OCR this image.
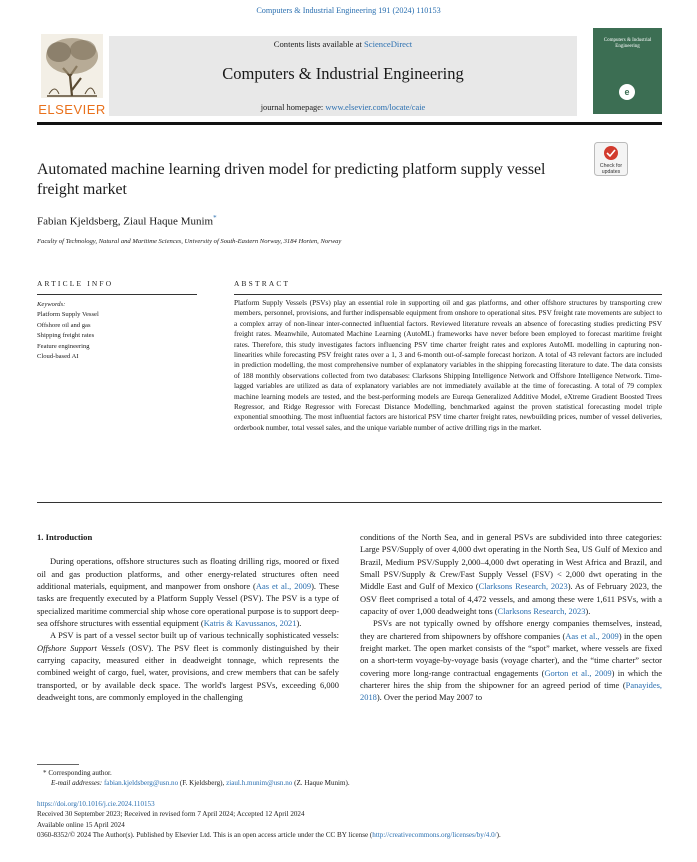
Computers & Industrial Engineering 191 (2024) 110153
ELSEVIER
Contents lists available at ScienceDirect
Computers & Industrial Engineering
journal homepage: www.elsevier.com/locate/caie
Computers & Industrial Engineering
e
Automated machine learning driven model for predicting platform supply vessel freight market
Check for
updates
Fabian Kjeldsberg, Ziaul Haque Munim*
Faculty of Technology, Natural and Maritime Sciences, University of South-Eastern Norway, 3184 Horten, Norway
ARTICLE INFO	ABSTRACT
Keywords:
Platform Supply Vessel
Offshore oil and gas
Shipping freight rates
Feature engineering
Cloud-based AI
Platform Supply Vessels (PSVs) play an essential role in supporting oil and gas platforms, and other offshore structures by transporting crew members, personnel, provisions, and further indispensable equipment from onshore to operational sites. PSV freight rate movements are subject to a complex array of non-linear inter-connected influential factors. Reviewed literature reveals an absence of forecasting studies predicting PSV freight rates. Meanwhile, Automated Machine Learning (AutoML) frameworks have never before been employed to forecast maritime freight rates. Therefore, this study investigates factors influencing PSV time charter freight rates and explores AutoML modelling in capturing non-linearities while forecasting PSV freight rates over a 1, 3 and 6-month out-of-sample forecast horizon. A total of 43 relevant factors are included in prediction modelling, the most comprehensive number of explanatory variables in the shipping forecasting literature to date. The data consists of 188 monthly observations collected from two databases: Clarksons Shipping Intelligence Network and Offshore Intelligence Network. Time-lagged variables are utilized as data of explanatory variables are not immediately available at the time of forecasting. A total of 79 complex machine learning models are tested, and the best-performing models are Eureqa Generalized Additive Model, eXtreme Gradient Boosted Trees Regressor, and Ridge Regressor with Forecast Distance Modelling, benchmarked against the proven statistical forecasting model triple exponential smoothing. The most influential factors are historical PSV time charter freight rates, newbuilding prices, number of vessel deliveries, orderbook number, total vessel sales, and the unique variable number of active drilling rigs in the market.
1. Introduction

During operations, offshore structures such as floating drilling rigs, moored or fixed oil and gas production platforms, and other energy-related structures often need additional materials, equipment, and manpower from onshore (Aas et al., 2009). These tasks are frequently executed by a Platform Supply Vessel (PSV). The PSV is a type of specialized maritime commercial ship whose core operational purpose is to support deep-sea offshore structures with essential equipment (Katris & Kavussanos, 2021).

A PSV is part of a vessel sector built up of various technically sophisticated vessels: Offshore Support Vessels (OSV). The PSV fleet is commonly distinguished by their carrying capacity, measured either in deadweight tonnage, which represents the combined weight of cargo, fuel, water, provisions, and crew members that can be safely transported, or by available deck space. The world's largest PSVs, exceeding 6,000 deadweight tons, are commonly employed in the challenging

conditions of the North Sea, and in general PSVs are subdivided into three categories: Large PSV/Supply of over 4,000 dwt operating in the North Sea, US Gulf of Mexico and Brazil, Medium PSV/Supply 2,000–4,000 dwt operating in West Africa and Brazil, and Small PSV/Supply & Crew/Fast Supply Vessel (FSV) < 2,000 dwt operating in the Middle East and Gulf of Mexico (Clarksons Research, 2023). As of February 2023, the OSV fleet comprised a total of 4,472 vessels, and among these were 1,611 PSVs, with a capacity of over 1,000 deadweight tons (Clarksons Research, 2023).

PSVs are not typically owned by offshore energy companies themselves, instead, they are chartered from shipowners by offshore companies (Aas et al., 2009) in the open freight market. The open market consists of the “spot” market, where vessels are fixed on a short-term voyage-by-voyage basis (voyage charter), and the “time charter” sector covering more long-range contractual engagements (Gorton et al., 2009) in which the charterer hires the ship from the shipowner for an agreed period of time (Panayides, 2018). Over the period May 2007 to

* Corresponding author.
E-mail addresses: fabian.kjeldsberg@usn.no (F. Kjeldsberg), ziaul.h.munim@usn.no (Z. Haque Munim).
https://doi.org/10.1016/j.cie.2024.110153
Received 30 September 2023; Received in revised form 7 April 2024; Accepted 12 April 2024
Available online 15 April 2024
0360-8352/© 2024 The Author(s). Published by Elsevier Ltd. This is an open access article under the CC BY license (http://creativecommons.org/licenses/by/4.0/).
